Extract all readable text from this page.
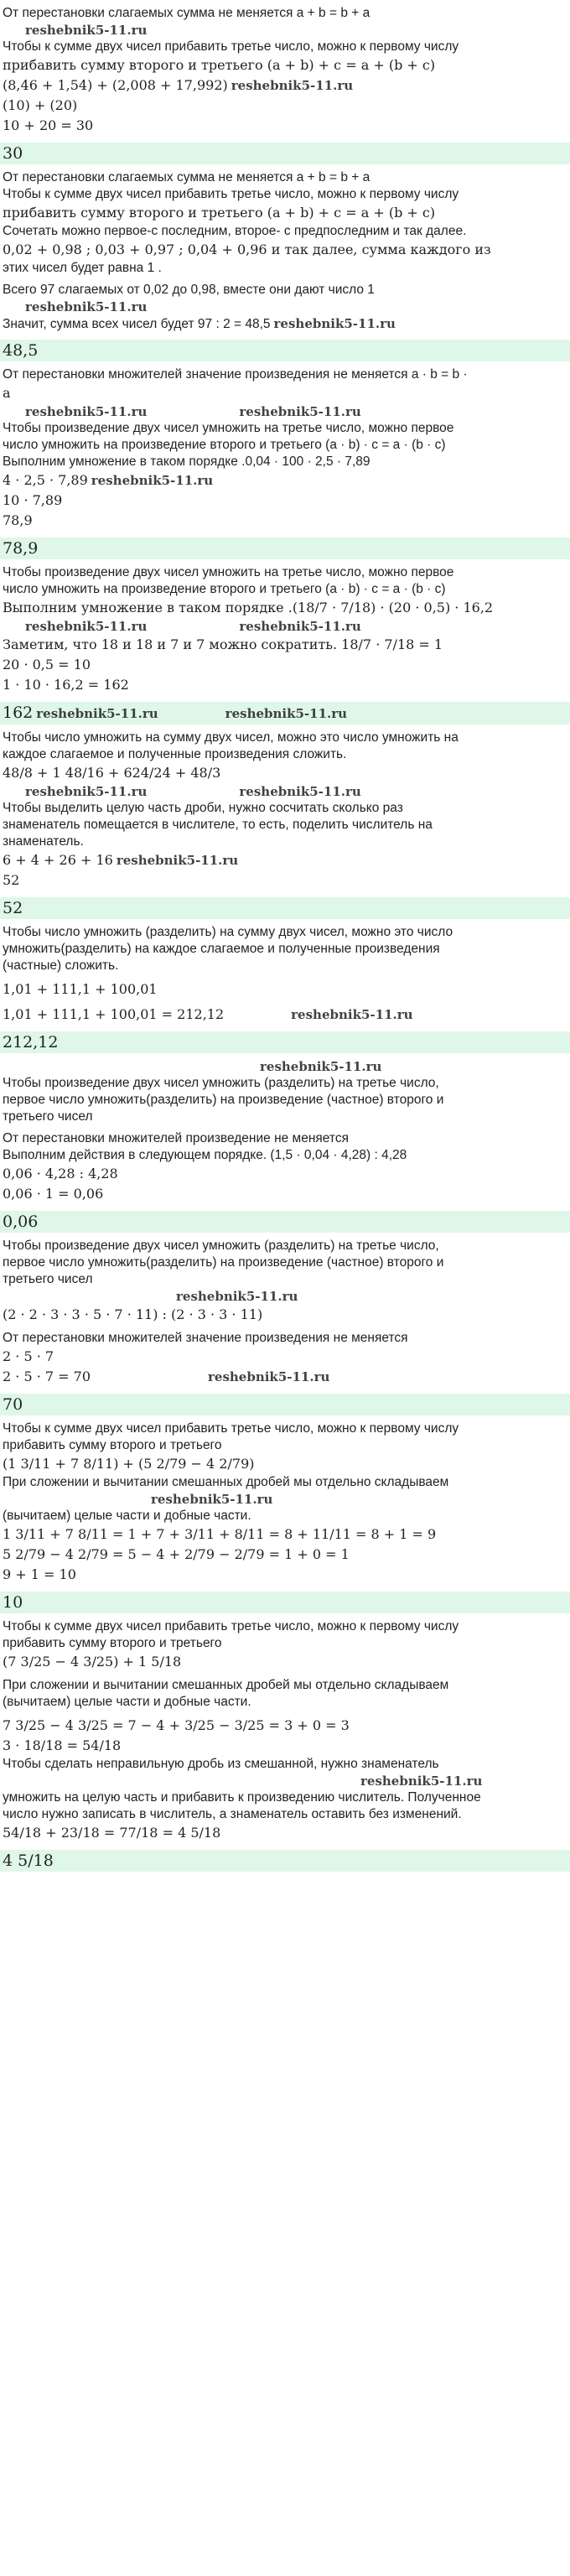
От перестановки слагаемых сумма не меняется a + b = b + a

reshebnik5-11.ru

Чтобы к сумме двух чисел прибавить третье число, можно к первому числу

прибавить сумму второго и третьего (a + b) + c = a + (b + c)

(8,46 + 1,54) + (2,008 + 17,992) reshebnik5-11.ru

(10) + (20)

10 + 20 = 30

30

От перестановки слагаемых сумма не меняется a + b = b + a

Чтобы к сумме двух чисел прибавить третье число, можно к первому числу

прибавить сумму второго и третьего (a + b) + c = a + (b + c)

Сочетать можно первое-с последним, второе- с предпоследним и так далее.

0,02 + 0,98 ; 0,03 + 0,97 ; 0,04 + 0,96 и так далее, сумма каждого из

этих чисел будет равна 1 .

Всего 97 слагаемых от 0,02 до 0,98, вместе они дают число 1

reshebnik5-11.ru

Значит, сумма всех чисел будет 97 : 2 = 48,5 reshebnik5-11.ru

48,5

От перестановки множителей значение произведения не меняется a · b = b ·

a

reshebnik5-11.ru	reshebnik5-11.ru

Чтобы произведение двух чисел умножить на третье число, можно первое

число умножить на произведение второго и третьего (a · b) · c = a · (b · c)

Выполним умножение в таком порядке .0,04 · 100 · 2,5 · 7,89

4 · 2,5 · 7,89 reshebnik5-11.ru

10 · 7,89

78,9

78,9

Чтобы произведение двух чисел умножить на третье число, можно первое

число умножить на произведение второго и третьего (a · b) · c = a · (b · c)

Выполним умножение в таком порядке .(18/7 · 7/18) · (20 · 0,5) · 16,2

reshebnik5-11.ru	reshebnik5-11.ru

Заметим, что 18 и 18 и 7 и 7 можно сократить. 18/7 · 7/18 = 1

20 · 0,5 = 10

1 · 10 · 16,2 = 162

162 reshebnik5-11.ru	reshebnik5-11.ru

Чтобы число умножить на сумму двух чисел, можно это число умножить на

каждое слагаемое и полученные произведения сложить.

48/8 + 1 48/16 + 624/24 + 48/3

reshebnik5-11.ru	reshebnik5-11.ru

Чтобы выделить целую часть дроби, нужно сосчитать сколько раз

знаменатель помещается в числителе, то есть, поделить числитель на

знаменатель.

6 + 4 + 26 + 16 reshebnik5-11.ru

52

52

Чтобы число умножить (разделить) на сумму двух чисел, можно это число

умножить(разделить) на каждое слагаемое и полученные произведения

(частные) сложить.

1,01 + 111,1 + 100,01

1,01 + 111,1 + 100,01 = 212,12	reshebnik5-11.ru

212,12

reshebnik5-11.ru

Чтобы произведение двух чисел умножить (разделить) на третье число,

первое число умножить(разделить) на произведение (частное) второго и

третьего чисел

От перестановки множителей произведение не меняется

Выполним действия в следующем порядке. (1,5 · 0,04 · 4,28) : 4,28

0,06 · 4,28 : 4,28

0,06 · 1 = 0,06

0,06

Чтобы произведение двух чисел умножить (разделить) на третье число,

первое число умножить(разделить) на произведение (частное) второго и

третьего чисел

reshebnik5-11.ru

(2 · 2 · 3 · 3 · 5 · 7 · 11) : (2 · 3 · 3 · 11)

От перестановки множителей значение произведения не меняется

2 · 5 · 7

2 · 5 · 7 = 70	reshebnik5-11.ru

70

Чтобы к сумме двух чисел прибавить третье число, можно к первому числу

прибавить сумму второго и третьего

(1 3/11 + 7 8/11) + (5 2/79 − 4 2/79)

При сложении и вычитании смешанных дробей мы отдельно складываем

reshebnik5-11.ru

(вычитаем) целые части и добные части.

1 3/11 + 7 8/11 = 1 + 7 + 3/11 + 8/11 = 8 + 11/11 = 8 + 1 = 9

5 2/79 − 4 2/79 = 5 − 4 + 2/79 − 2/79 = 1 + 0 = 1

9 + 1 = 10

10

Чтобы к сумме двух чисел прибавить третье число, можно к первому числу

прибавить сумму второго и третьего

(7 3/25 − 4 3/25) + 1 5/18

При сложении и вычитании смешанных дробей мы отдельно складываем

(вычитаем) целые части и добные части.

7 3/25 − 4 3/25 = 7 − 4 + 3/25 − 3/25 = 3 + 0 = 3

3 · 18/18 = 54/18

Чтобы сделать неправильную дробь из смешанной, нужно знаменатель

reshebnik5-11.ru

умножить на целую часть и прибавить к произведению числитель. Полученное

число нужно записать в числитель, а знаменатель оставить без изменений.

54/18 + 23/18 = 77/18 = 4 5/18

4 5/18
